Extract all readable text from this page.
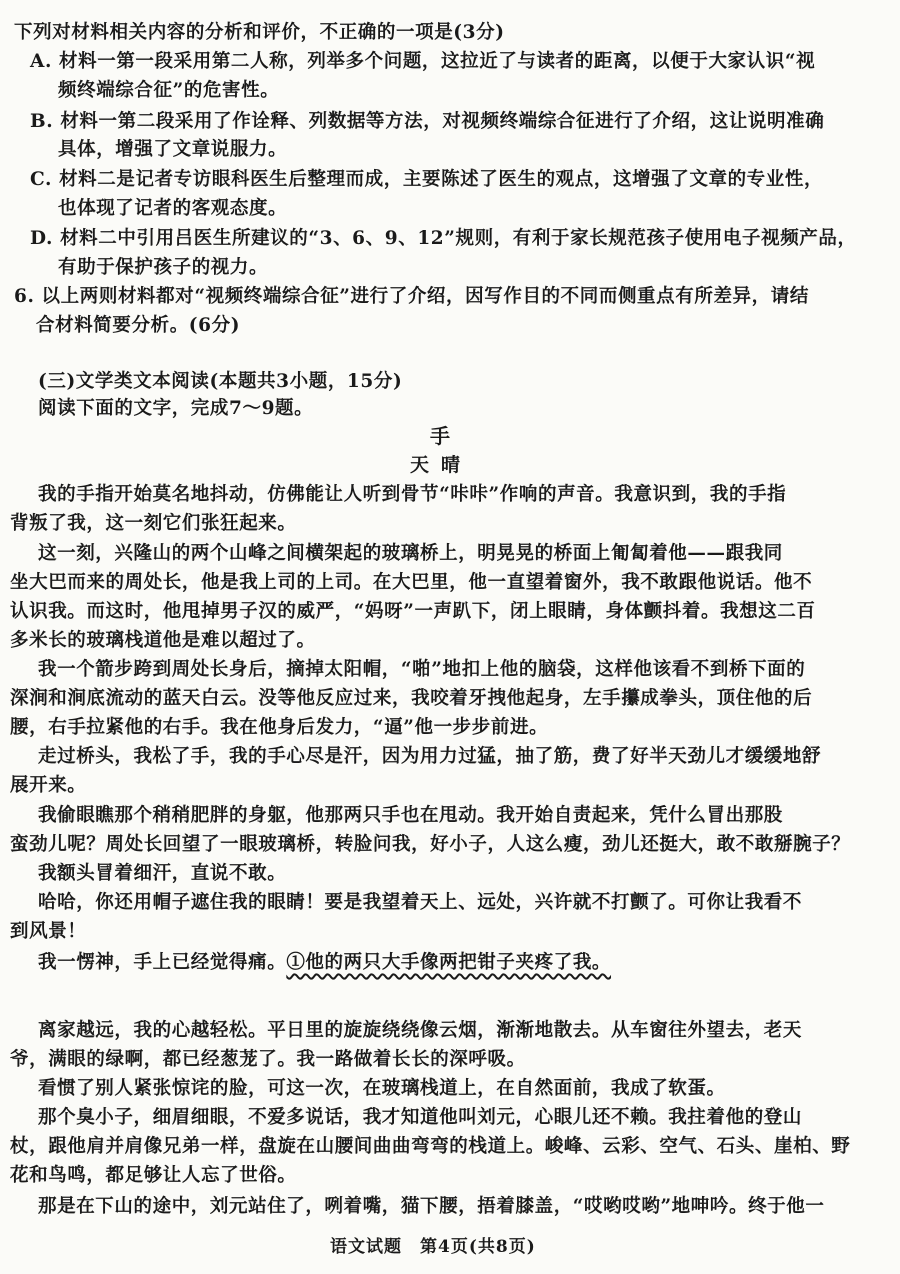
下列对材料相关内容的分析和评价，不正确的一项是(3分)
A. 材料一第一段采用第二人称，列举多个问题，这拉近了与读者的距离，以便于大家认识“视
频终端综合征”的危害性。
B. 材料一第二段采用了作诠释、列数据等方法，对视频终端综合征进行了介绍，这让说明准确
具体，增强了文章说服力。
C. 材料二是记者专访眼科医生后整理而成，主要陈述了医生的观点，这增强了文章的专业性，
也体现了记者的客观态度。
D. 材料二中引用吕医生所建议的“3、6、9、12”规则，有利于家长规范孩子使用电子视频产品，
有助于保护孩子的视力。
6. 以上两则材料都对“视频终端综合征”进行了介绍，因写作目的不同而侧重点有所差异，请结
合材料简要分析。(6分)
(三)文学类文本阅读(本题共3小题，15分)
阅读下面的文字，完成7～9题。
手
天晴
我的手指开始莫名地抖动，仿佛能让人听到骨节“咔咔”作响的声音。我意识到，我的手指
背叛了我，这一刻它们张狂起来。
这一刻，兴隆山的两个山峰之间横架起的玻璃桥上，明晃晃的桥面上匍匐着他——跟我同
坐大巴而来的周处长，他是我上司的上司。在大巴里，他一直望着窗外，我不敢跟他说话。他不
认识我。而这时，他甩掉男子汉的威严，“妈呀”一声趴下，闭上眼睛，身体颤抖着。我想这二百
多米长的玻璃栈道他是难以超过了。
我一个箭步跨到周处长身后，摘掉太阳帽，“啪”地扣上他的脑袋，这样他该看不到桥下面的
深涧和涧底流动的蓝天白云。没等他反应过来，我咬着牙拽他起身，左手攥成拳头，顶住他的后
腰，右手拉紧他的右手。我在他身后发力，“逼”他一步步前进。
走过桥头，我松了手，我的手心尽是汗，因为用力过猛，抽了筋，费了好半天劲儿才缓缓地舒
展开来。
我偷眼瞧那个稍稍肥胖的身躯，他那两只手也在甩动。我开始自责起来，凭什么冒出那股
蛮劲儿呢？周处长回望了一眼玻璃桥，转脸问我，好小子，人这么瘦，劲儿还挺大，敢不敢掰腕子？
我额头冒着细汗，直说不敢。
哈哈，你还用帽子遮住我的眼睛！要是我望着天上、远处，兴许就不打颤了。可你让我看不
到风景！
我一愣神，手上已经觉得痛。①他的两只大手像两把钳子夹疼了我。
离家越远，我的心越轻松。平日里的旋旋绕绕像云烟，渐渐地散去。从车窗往外望去，老天
爷，满眼的绿啊，都已经葱茏了。我一路做着长长的深呼吸。
看惯了别人紧张惊诧的脸，可这一次，在玻璃栈道上，在自然面前，我成了软蛋。
那个臭小子，细眉细眼，不爱多说话，我才知道他叫刘元，心眼儿还不赖。我拄着他的登山
杖，跟他肩并肩像兄弟一样，盘旋在山腰间曲曲弯弯的栈道上。峻峰、云彩、空气、石头、崖柏、野
花和鸟鸣，都足够让人忘了世俗。
那是在下山的途中，刘元站住了，咧着嘴，猫下腰，捂着膝盖，“哎哟哎哟”地呻吟。终于他一
语文试题　第4页(共8页)
